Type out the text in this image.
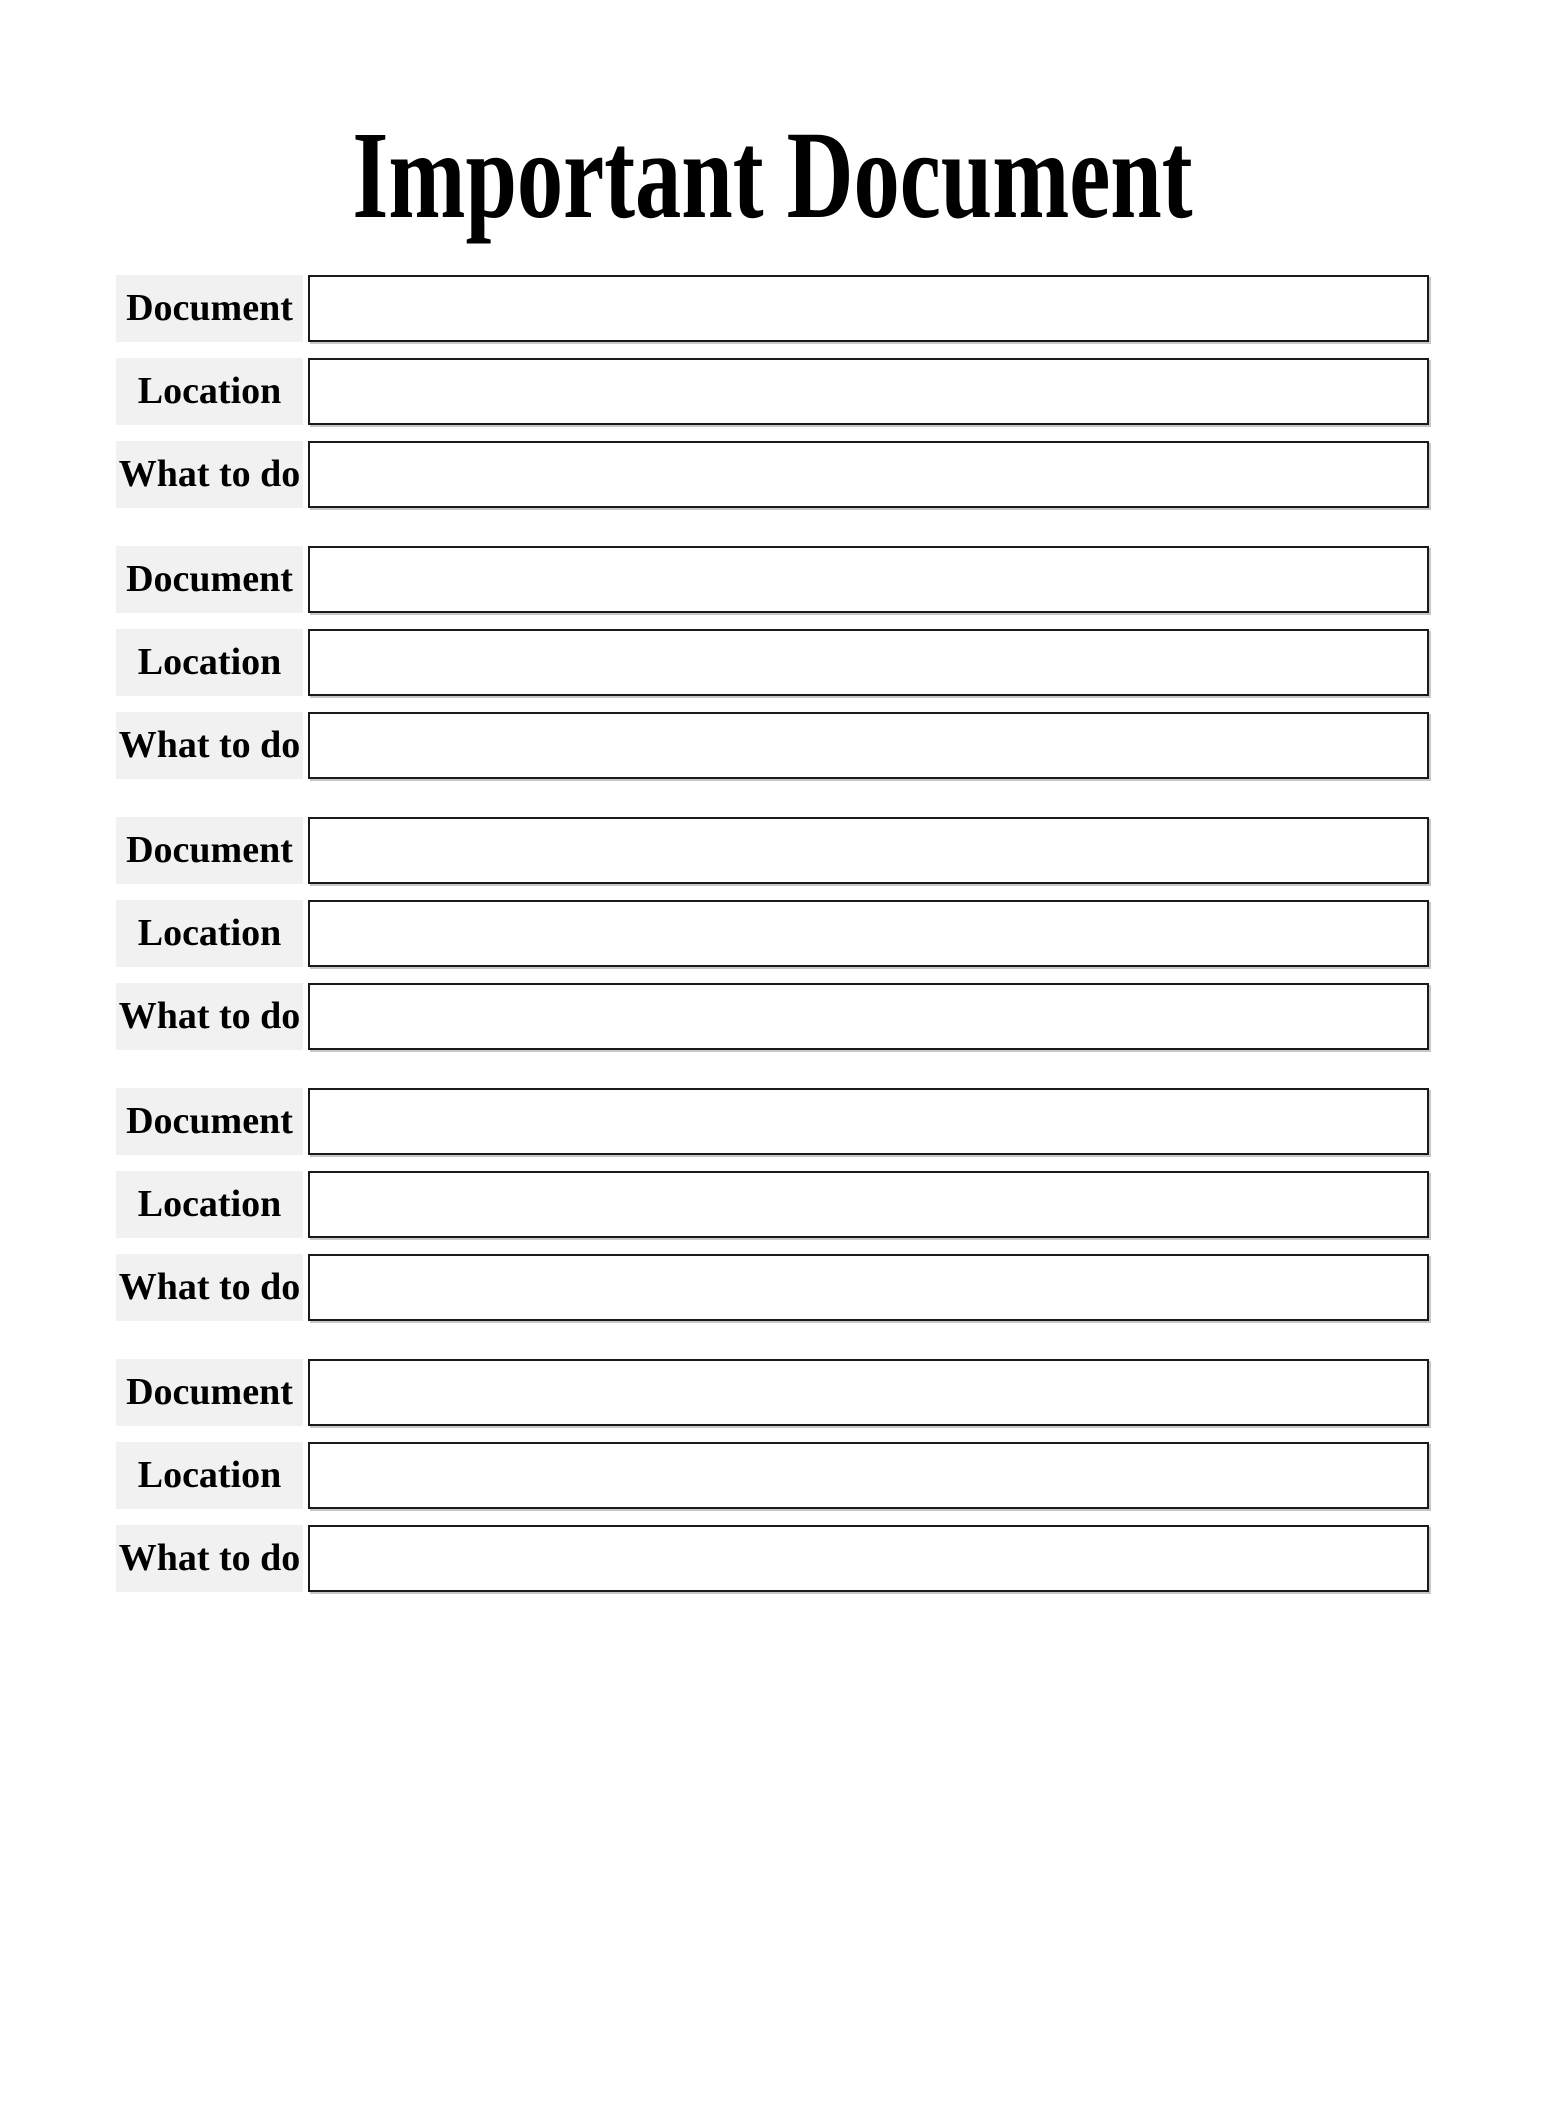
Important Document
Document
Location
What to do
Document
Location
What to do
Document
Location
What to do
Document
Location
What to do
Document
Location
What to do
